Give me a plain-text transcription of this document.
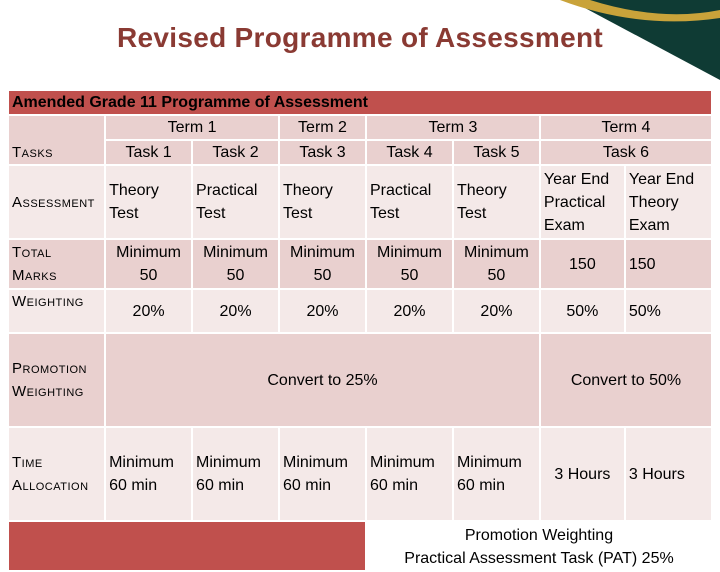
Revised Programme of Assessment
Amended Grade 11 Programme of Assessment							
Tasks	Term 1		Term 2	Term 3		Term 4	
	Task 1	Task 2	Task 3	Task 4	Task 5	Task 6	
Assessment	Theory Test	Practical Test	Theory Test	Practical Test	Theory Test	Year End Practical Exam	Year End Theory Exam
Total Marks	Minimum 50	Minimum 50	Minimum 50	Minimum 50	Minimum 50	150	150
Weighting	20%	20%	20%	20%	20%	50%	50%
Promotion Weighting	Convert to 25%					Convert to 50%	
Time Allocation	Minimum 60 min	Minimum 60 min	Minimum 60 min	Minimum 60 min	Minimum 60 min	3 Hours	3 Hours

				Promotion Weighting
Practical Assessment Task (PAT) 25%			
